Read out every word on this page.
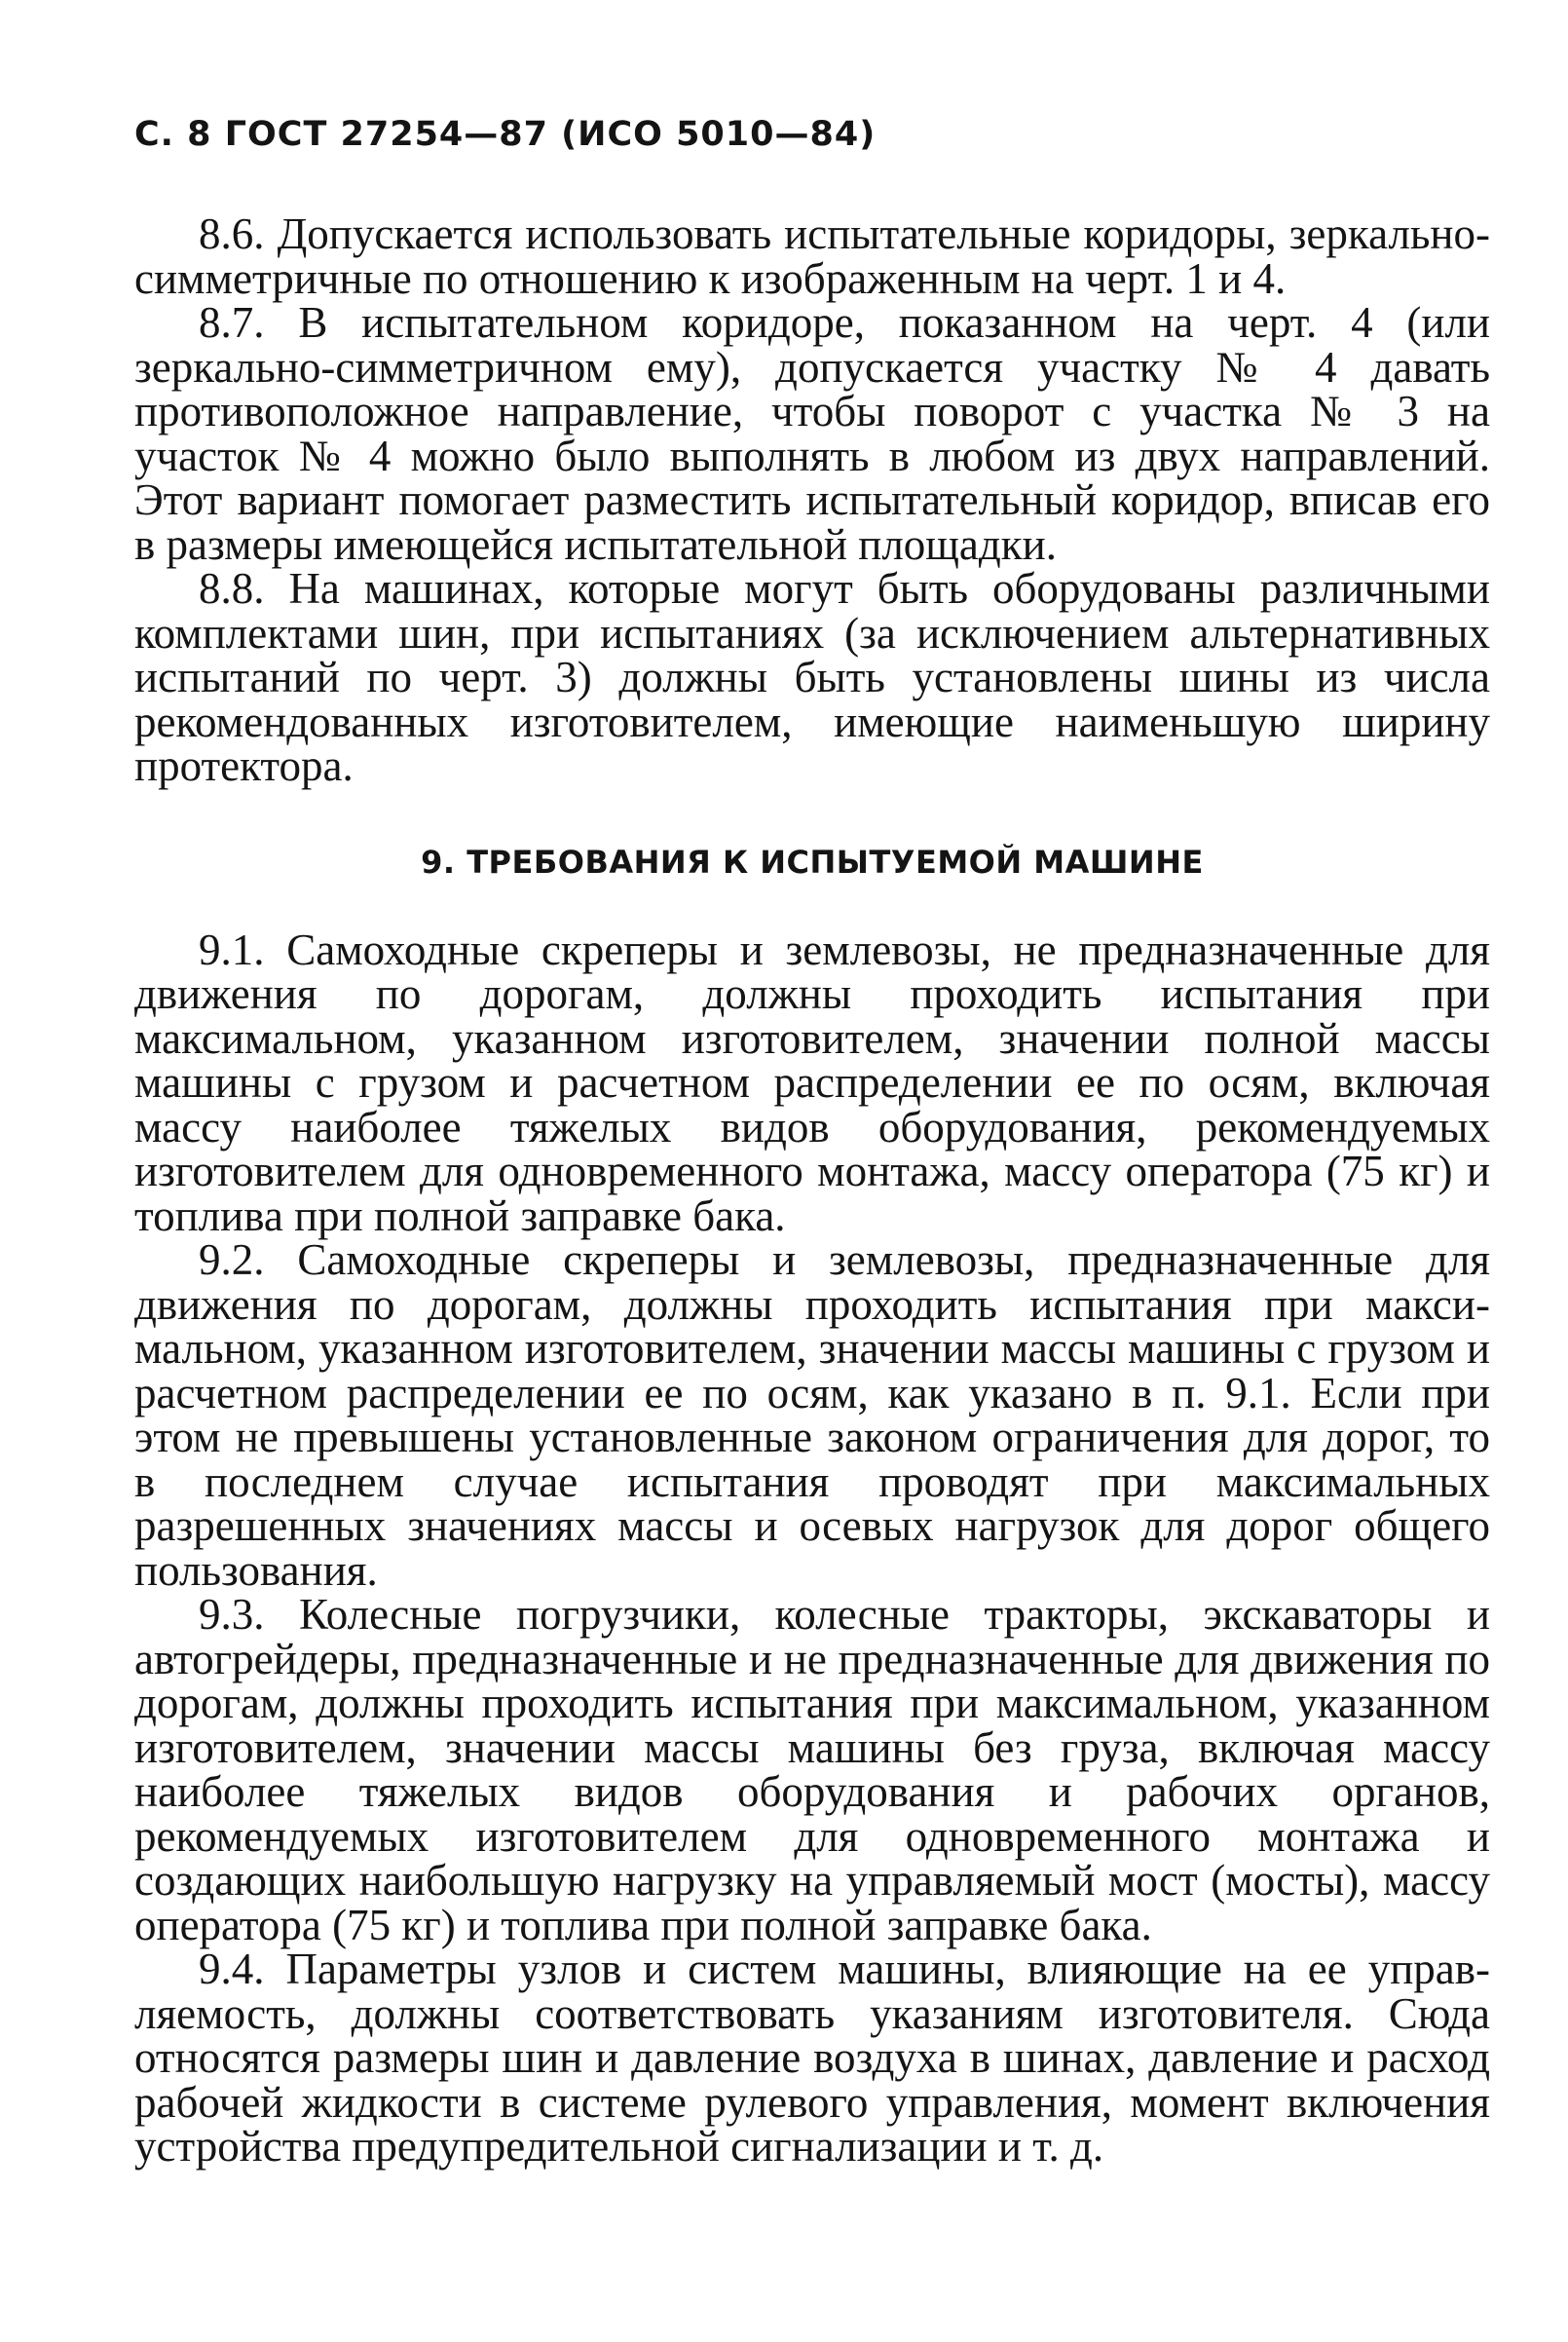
С. 8 ГОСТ 27254—87 (ИСО 5010—84)

8.6. Допускается использовать испытательные коридоры, зеркально-симметричные по отношению к изображенным на черт. 1 и 4.

8.7. В испытательном коридоре, показанном на черт. 4 (или зеркально-симметричном ему), допускается участку № 4 давать противоположное направление, чтобы поворот с участка № 3 на участок № 4 можно было выполнять в любом из двух направлений. Этот вариант помогает разместить испытательный коридор, вписав его в размеры имеющейся испытательной площадки.

8.8. На машинах, которые могут быть оборудованы различными комплектами шин, при испытаниях (за исключением альтернативных испытаний по черт. 3) должны быть установлены шины из числа рекомендованных изготовителем, имеющие наименьшую ширину протектора.

9. ТРЕБОВАНИЯ К ИСПЫТУЕМОЙ МАШИНЕ

9.1. Самоходные скреперы и землевозы, не предназначенные для движения по дорогам, должны проходить испытания при максимальном, указанном изготовителем, значении полной массы машины с грузом и расчетном распределении ее по осям, включая массу наиболее тяжелых видов оборудования, рекомендуемых изготовителем для одновременного монтажа, массу оператора (75 кг) и топлива при полной заправке бака.

9.2. Самоходные скреперы и землевозы, предназначенные для движения по дорогам, должны проходить испытания при максимальном, указанном изготовителем, значении массы машины с грузом и расчетном распределении ее по осям, как указано в п. 9.1. Если при этом не превышены установленные законом ограничения для дорог, то в последнем случае испытания проводят при максимальных разрешенных значениях массы и осевых нагрузок для дорог общего пользования.

9.3. Колесные погрузчики, колесные тракторы, экскаваторы и автогрейдеры, предназначенные и не предназначенные для движения по дорогам, должны проходить испытания при максимальном, указанном изготовителем, значении массы машины без груза, включая массу наиболее тяжелых видов оборудования и рабочих органов, рекомендуемых изготовителем для одновременного монтажа и создающих наибольшую нагрузку на управляемый мост (мосты), массу оператора (75 кг) и топлива при полной заправке бака.

9.4. Параметры узлов и систем машины, влияющие на ее управляемость, должны соответствовать указаниям изготовителя. Сюда относятся размеры шин и давление воздуха в шинах, давление и расход рабочей жидкости в системе рулевого управления, момент включения устройства предупредительной сигнализации и т. д.
